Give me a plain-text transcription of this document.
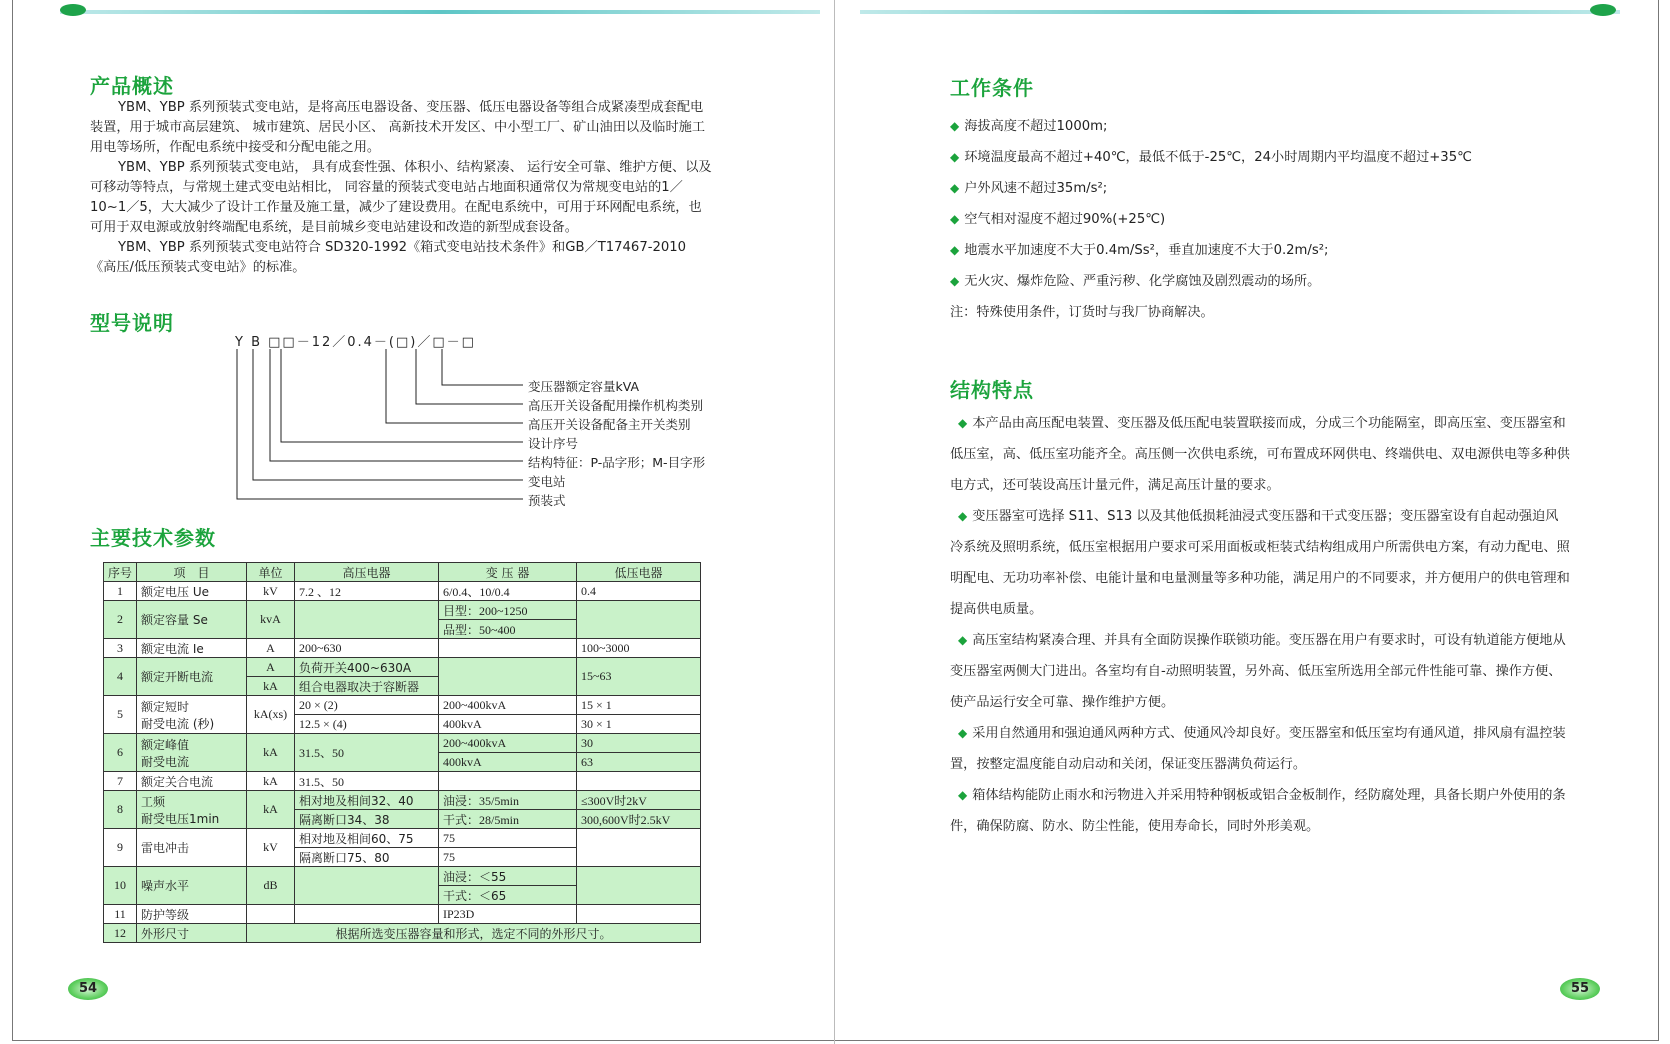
产品概述

YBM、YBP 系列预装式变电站，是将高压电器设备、变压器、低压电器设备等组合成紧凑型成套配电装置，用于城市高层建筑、 城市建筑、居民小区、 高新技术开发区、中小型工厂、矿山油田以及临时施工用电等场所，作配电系统中接受和分配电能之用。

YBM、YBP 系列预装式变电站， 具有成套性强、体积小、结构紧凑、 运行安全可靠、维护方便、以及可移动等特点，与常规土建式变电站相比， 同容量的预装式变电站占地面积通常仅为常规变电站的1／10~1／5，大大减少了设计工作量及施工量，减少了建设费用。在配电系统中，可用于环网配电系统，也可用于双电源或放射终端配电系统，是目前城乡变电站建设和改造的新型成套设备。

YBM、YBP 系列预装式变电站符合 SD320-1992《箱式变电站技术条件》和GB／T17467-2010《高压/低压预装式变电站》的标准。

型号说明
Y B □□－12／0.4－(□)／□－□
变压器额定容量kVA
高压开关设备配用操作机构类别
高压开关设备配备主开关类别
设计序号
结构特征：P-品字形；M-目字形
变电站
预装式
主要技术参数
序号	项　目	单位	高压电器	变 压 器	低压电器
1	额定电压 Ue	kV	7.2 、12	6/0.4、10/0.4	0.4
2	额定容量 Se	kvA		目型：200~1250	
				品型：50~400	
3	额定电流 Ie	A	200~630		100~3000
4	额定开断电流	A	负荷开关400~630A		15~63
		kA	组合电器取决于容断器		
5	额定短时
耐受电流 (秒)	kA(xs)	20 × (2)	200~400kvA	15 × 1
			12.5 × (4)	400kvA	30 × 1
6	额定峰值
耐受电流	kA	31.5、50	200~400kvA	30
				400kvA	63
7	额定关合电流	kA	31.5、50		
8	工频
耐受电压1min	kA	相对地及相间32、40	油浸：35/5min	≤300V时2kV
			隔离断口34、38	干式：28/5min	300,600V时2.5kV
9	雷电冲击	kV	相对地及相间60、75	75	
			隔离断口75、80	75	
10	噪声水平	dB		油浸：＜55	
				干式：＜65	
11	防护等级			IP23D	
12	外形尺寸	根据所选变压器容量和形式，选定不同的外形尺寸。			
54
工作条件
◆ 海拔高度不超过1000m;
◆ 环境温度最高不超过+40℃，最低不低于-25℃，24小时周期内平均温度不超过+35℃
◆ 户外风速不超过35m/s²;
◆ 空气相对湿度不超过90%(+25℃)
◆ 地震水平加速度不大于0.4m/Ss²，垂直加速度不大于0.2m/s²;
◆ 无火灾、爆炸危险、严重污秽、化学腐蚀及剧烈震动的场所。
注：特殊使用条件，订货时与我厂协商解决。
结构特点

◆ 本产品由高压配电装置、变压器及低压配电装置联接而成，分成三个功能隔室，即高压室、变压器室和低压室，高、低压室功能齐全。高压侧一次供电系统，可布置成环网供电、终端供电、双电源供电等多种供电方式，还可装设高压计量元件，满足高压计量的要求。

◆ 变压器室可选择 S11、S13 以及其他低损耗油浸式变压器和干式变压器；变压器室设有自起动强迫风冷系统及照明系统，低压室根据用户要求可采用面板或柜装式结构组成用户所需供电方案，有动力配电、照明配电、无功功率补偿、电能计量和电量测量等多种功能，满足用户的不同要求，并方便用户的供电管理和提高供电质量。

◆ 高压室结构紧凑合理、并具有全面防误操作联锁功能。变压器在用户有要求时，可设有轨道能方便地从变压器室两侧大门进出。各室均有自-动照明装置，另外高、低压室所选用全部元件性能可靠、操作方便、使产品运行安全可靠、操作维护方便。

◆ 采用自然通用和强迫通风两种方式、使通风冷却良好。变压器室和低压室均有通风道，排风扇有温控装置，按整定温度能自动启动和关闭，保证变压器满负荷运行。

◆ 箱体结构能防止雨水和污物进入并采用特种钢板或铝合金板制作，经防腐处理，具备长期户外使用的条件，确保防腐、防水、防尘性能，使用寿命长，同时外形美观。

55
